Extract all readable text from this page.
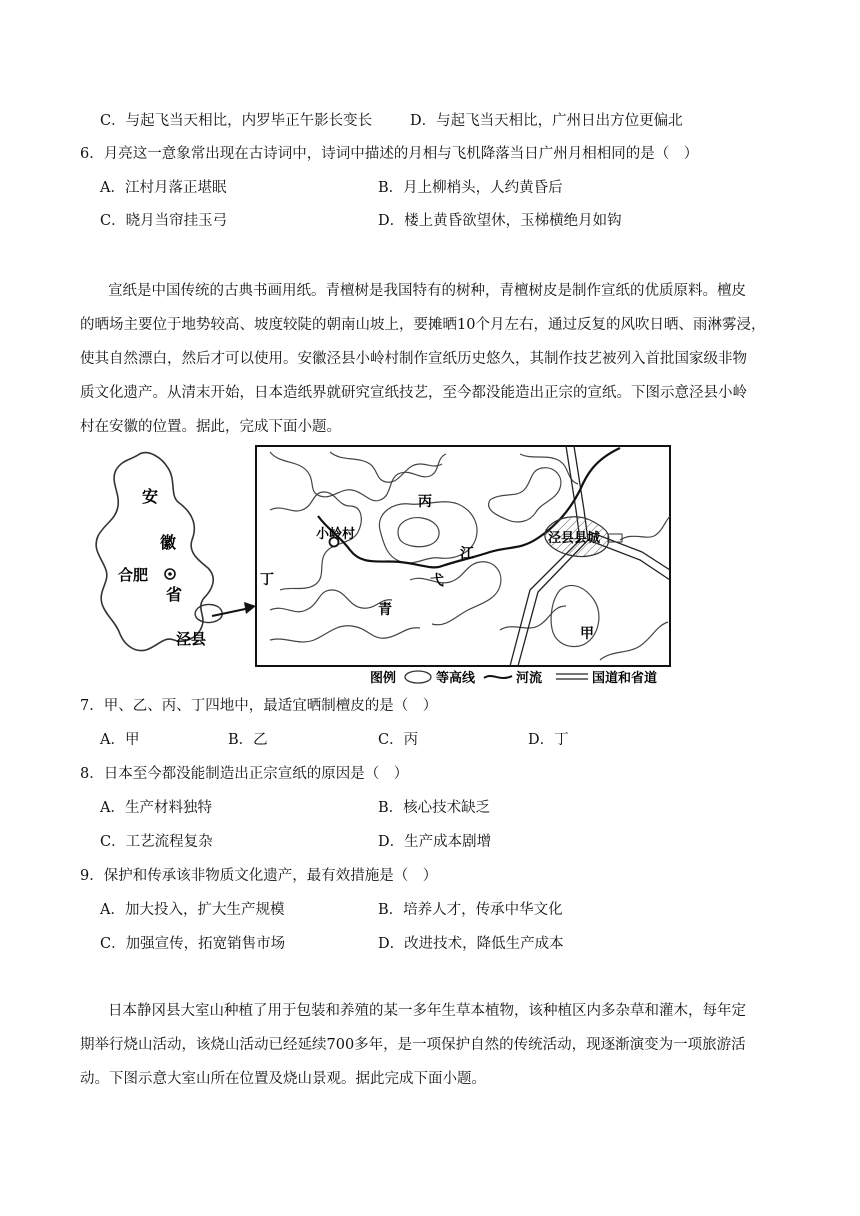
C．与起飞当天相比，内罗毕正午影长变长	D．与起飞当天相比，广州日出方位更偏北
6．月亮这一意象常出现在古诗词中，诗词中描述的月相与飞机降落当日广州月相相同的是（　）
A．江村月落正堪眠	B．月上柳梢头，人约黄昏后
C．晓月当帘挂玉弓	D．楼上黄昏欲望休，玉梯横绝月如钩
宣纸是中国传统的古典书画用纸。青檀树是我国特有的树种，青檀树皮是制作宣纸的优质原料。檀皮
的晒场主要位于地势较高、坡度较陡的朝南山坡上，要摊晒10个月左右，通过反复的风吹日晒、雨淋雾浸，
使其自然漂白，然后才可以使用。安徽泾县小岭村制作宣纸历史悠久，其制作技艺被列入首批国家级非物
质文化遗产。从清末开始，日本造纸界就研究宣纸技艺，至今都没能造出正宗的宣纸。下图示意泾县小岭
村在安徽的位置。据此，完成下面小题。
安
徽
省
合肥
泾县
小岭村	泾县县城
丙
江
弋
青
丁
甲
图例	等高线	河流	国道和省道
7．甲、乙、丙、丁四地中，最适宜晒制檀皮的是（　）
A．甲	B．乙	C．丙	D．丁
8．日本至今都没能制造出正宗宣纸的原因是（　）
A．生产材料独特	B．核心技术缺乏
C．工艺流程复杂	D．生产成本剧增
9．保护和传承该非物质文化遗产，最有效措施是（　）
A．加大投入，扩大生产规模	B．培养人才，传承中华文化
C．加强宣传，拓宽销售市场	D．改进技术，降低生产成本
日本静冈县大室山种植了用于包装和养殖的某一多年生草本植物，该种植区内多杂草和灌木，每年定
期举行烧山活动，该烧山活动已经延续700多年，是一项保护自然的传统活动，现逐渐演变为一项旅游活
动。下图示意大室山所在位置及烧山景观。据此完成下面小题。
